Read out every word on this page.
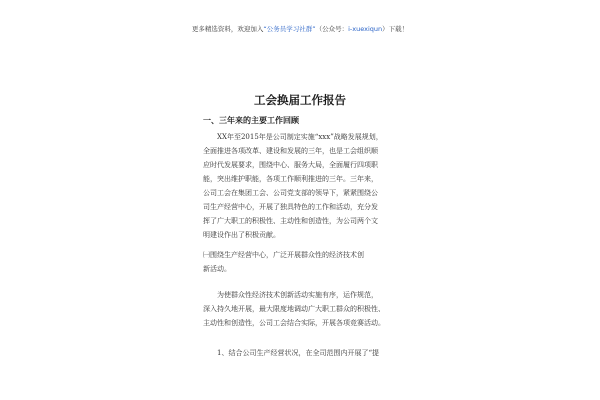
更多精选资料，欢迎加入“公务员学习社群”（公众号：i-xuexiqun）下载！
工会换届工作报告
一、三年来的主要工作回顾
XX年至2015年是公司制定实施“xxx”战略发展规划，
全面推进各项改革、建设和发展的三年，也是工会组织顺
应时代发展要求，围绕中心、服务大局，全面履行四项职
能，突出维护职能，各项工作顺利推进的三年。三年来，
公司工会在集团工会、公司党支部的领导下，紧紧围绕公
司生产经营中心，开展了独具特色的工作和活动，充分发
挥了广大职工的积极性、主动性和创造性，为公司两个文
明建设作出了积极贡献。
㈠围绕生产经营中心，广泛开展群众性的经济技术创
新活动。
为使群众性经济技术创新活动实施有序，运作规范，
深入持久地开展，最大限度地调动广大职工群众的积极性、
主动性和创造性，公司工会结合实际，开展各项竞赛活动。
1、结合公司生产经营状况，在全司范围内开展了“提
